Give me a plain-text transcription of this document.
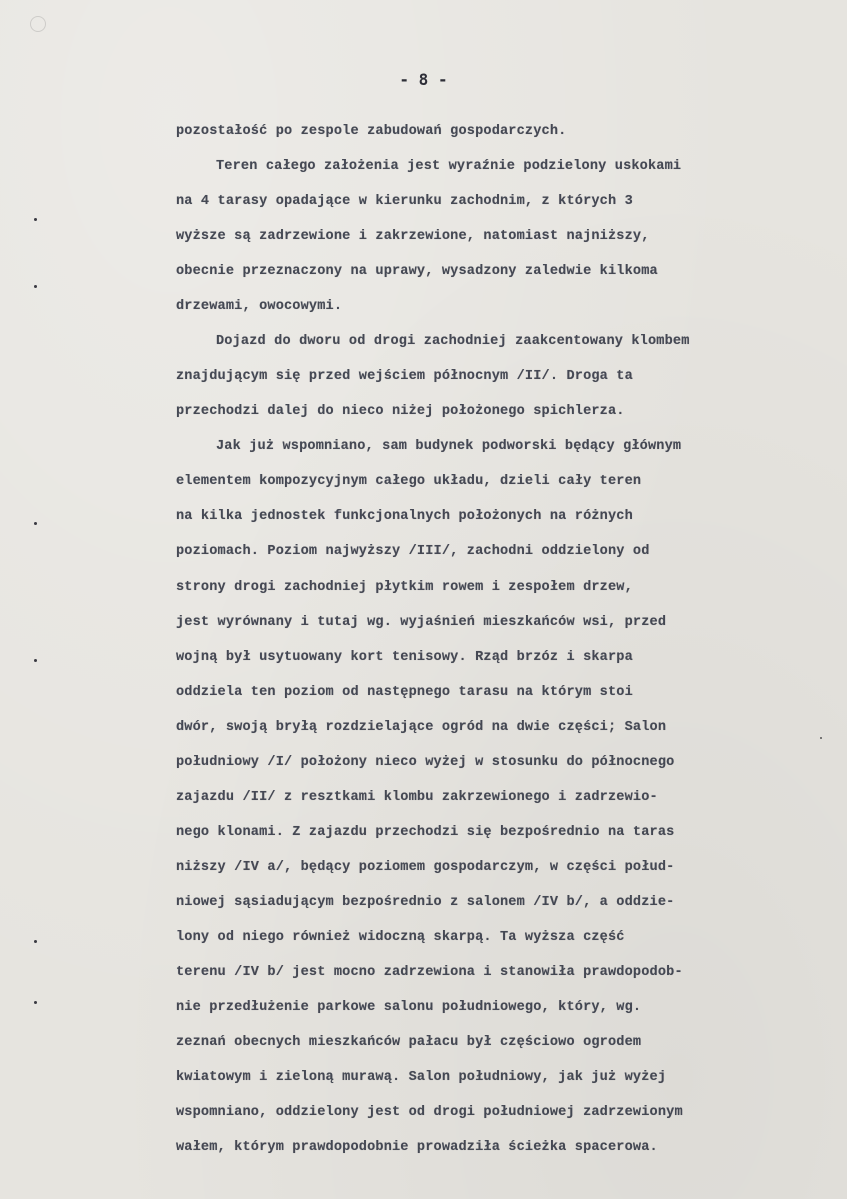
- 8 -
pozostałość po zespole zabudowań gospodarczych.
Teren całego założenia jest wyraźnie podzielony uskokami
na 4 tarasy opadające w kierunku zachodnim, z których 3
wyższe są zadrzewione i zakrzewione, natomiast najniższy,
obecnie przeznaczony na uprawy, wysadzony zaledwie kilkoma
drzewami, owocowymi.
Dojazd do dworu od drogi zachodniej zaakcentowany klombem
znajdującym się przed wejściem północnym /II/. Droga ta
przechodzi dalej do nieco niżej położonego spichlerza.
Jak już wspomniano, sam budynek podworski będący głównym
elementem kompozycyjnym całego układu, dzieli cały teren
na kilka jednostek funkcjonalnych położonych na różnych
poziomach. Poziom najwyższy /III/, zachodni oddzielony od
strony drogi zachodniej płytkim rowem i zespołem drzew,
jest wyrównany i tutaj wg. wyjaśnień mieszkańców wsi, przed
wojną był usytuowany kort tenisowy. Rząd brzóz i skarpa
oddziela ten poziom od następnego tarasu na którym stoi
dwór, swoją bryłą rozdzielające ogród na dwie części; Salon
południowy /I/ położony nieco wyżej w stosunku do północnego
zajazdu /II/ z resztkami klombu zakrzewionego i zadrzewio-
nego klonami. Z zajazdu przechodzi się bezpośrednio na taras
niższy /IV a/, będący poziomem gospodarczym, w części połud-
niowej sąsiadującym bezpośrednio z salonem /IV b/, a oddzie-
lony od niego również widoczną skarpą. Ta wyższa część
terenu /IV b/ jest mocno zadrzewiona i stanowiła prawdopodob-
nie przedłużenie parkowe salonu południowego, który, wg.
zeznań obecnych mieszkańców pałacu był częściowo ogrodem
kwiatowym i zieloną murawą. Salon południowy, jak już wyżej
wspomniano, oddzielony jest od drogi południowej zadrzewionym
wałem, którym prawdopodobnie prowadziła ścieżka spacerowa.
